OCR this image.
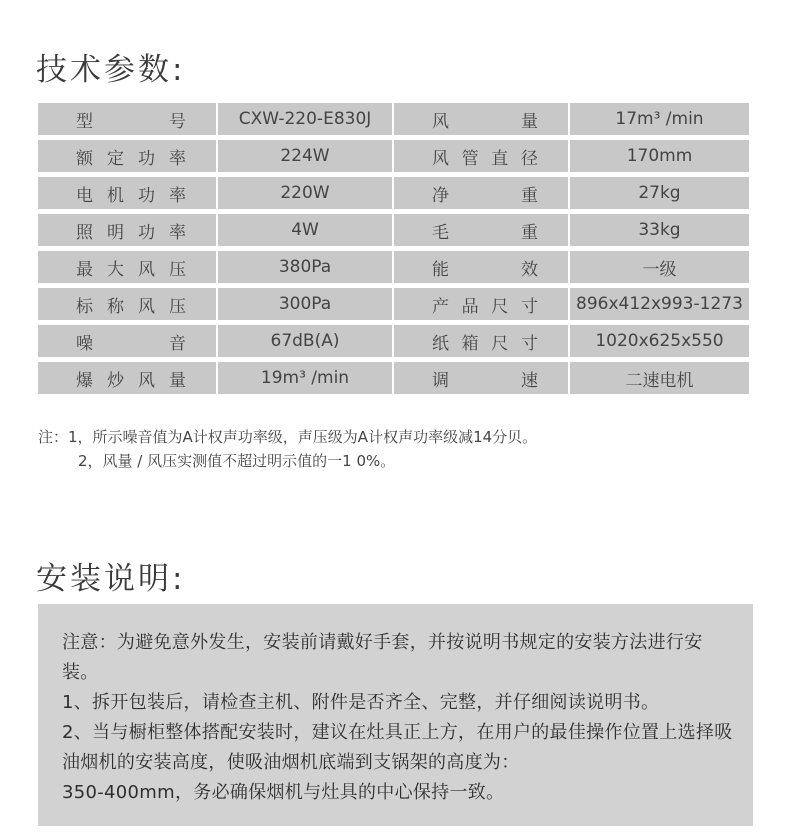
技术参数:
型 号	CXW-220-E830J	风 量	17m³ /min

额 定 功 率	224W	风 管 直 径	170mm

电 机 功 率	220W	净 重	27kg

照 明 功 率	4W	毛 重	33kg

最 大 风 压	380Pa	能 效	一级

标 称 风 压	300Pa	产 品 尺 寸	896x412x993-1273

噪 音	67dB(A)	纸 箱 尺 寸	1020x625x550

爆 炒 风 量	19m³ /min	调 速	二速电机
注：1，所示噪音值为A计权声功率级，声压级为A计权声功率级减14分贝。
2，风量 / 风压实测值不超过明示值的一1 0%。
安装说明:

注意：为避免意外发生，安装前请戴好手套，并按说明书规定的安装方法进行安装。

1、拆开包装后，请检查主机、附件是否齐全、完整，并仔细阅读说明书。

2、当与橱柜整体搭配安装时，建议在灶具正上方，在用户的最佳操作位置上选择吸油烟机的安装高度，使吸油烟机底端到支锅架的高度为：

350-400mm，务必确保烟机与灶具的中心保持一致。
